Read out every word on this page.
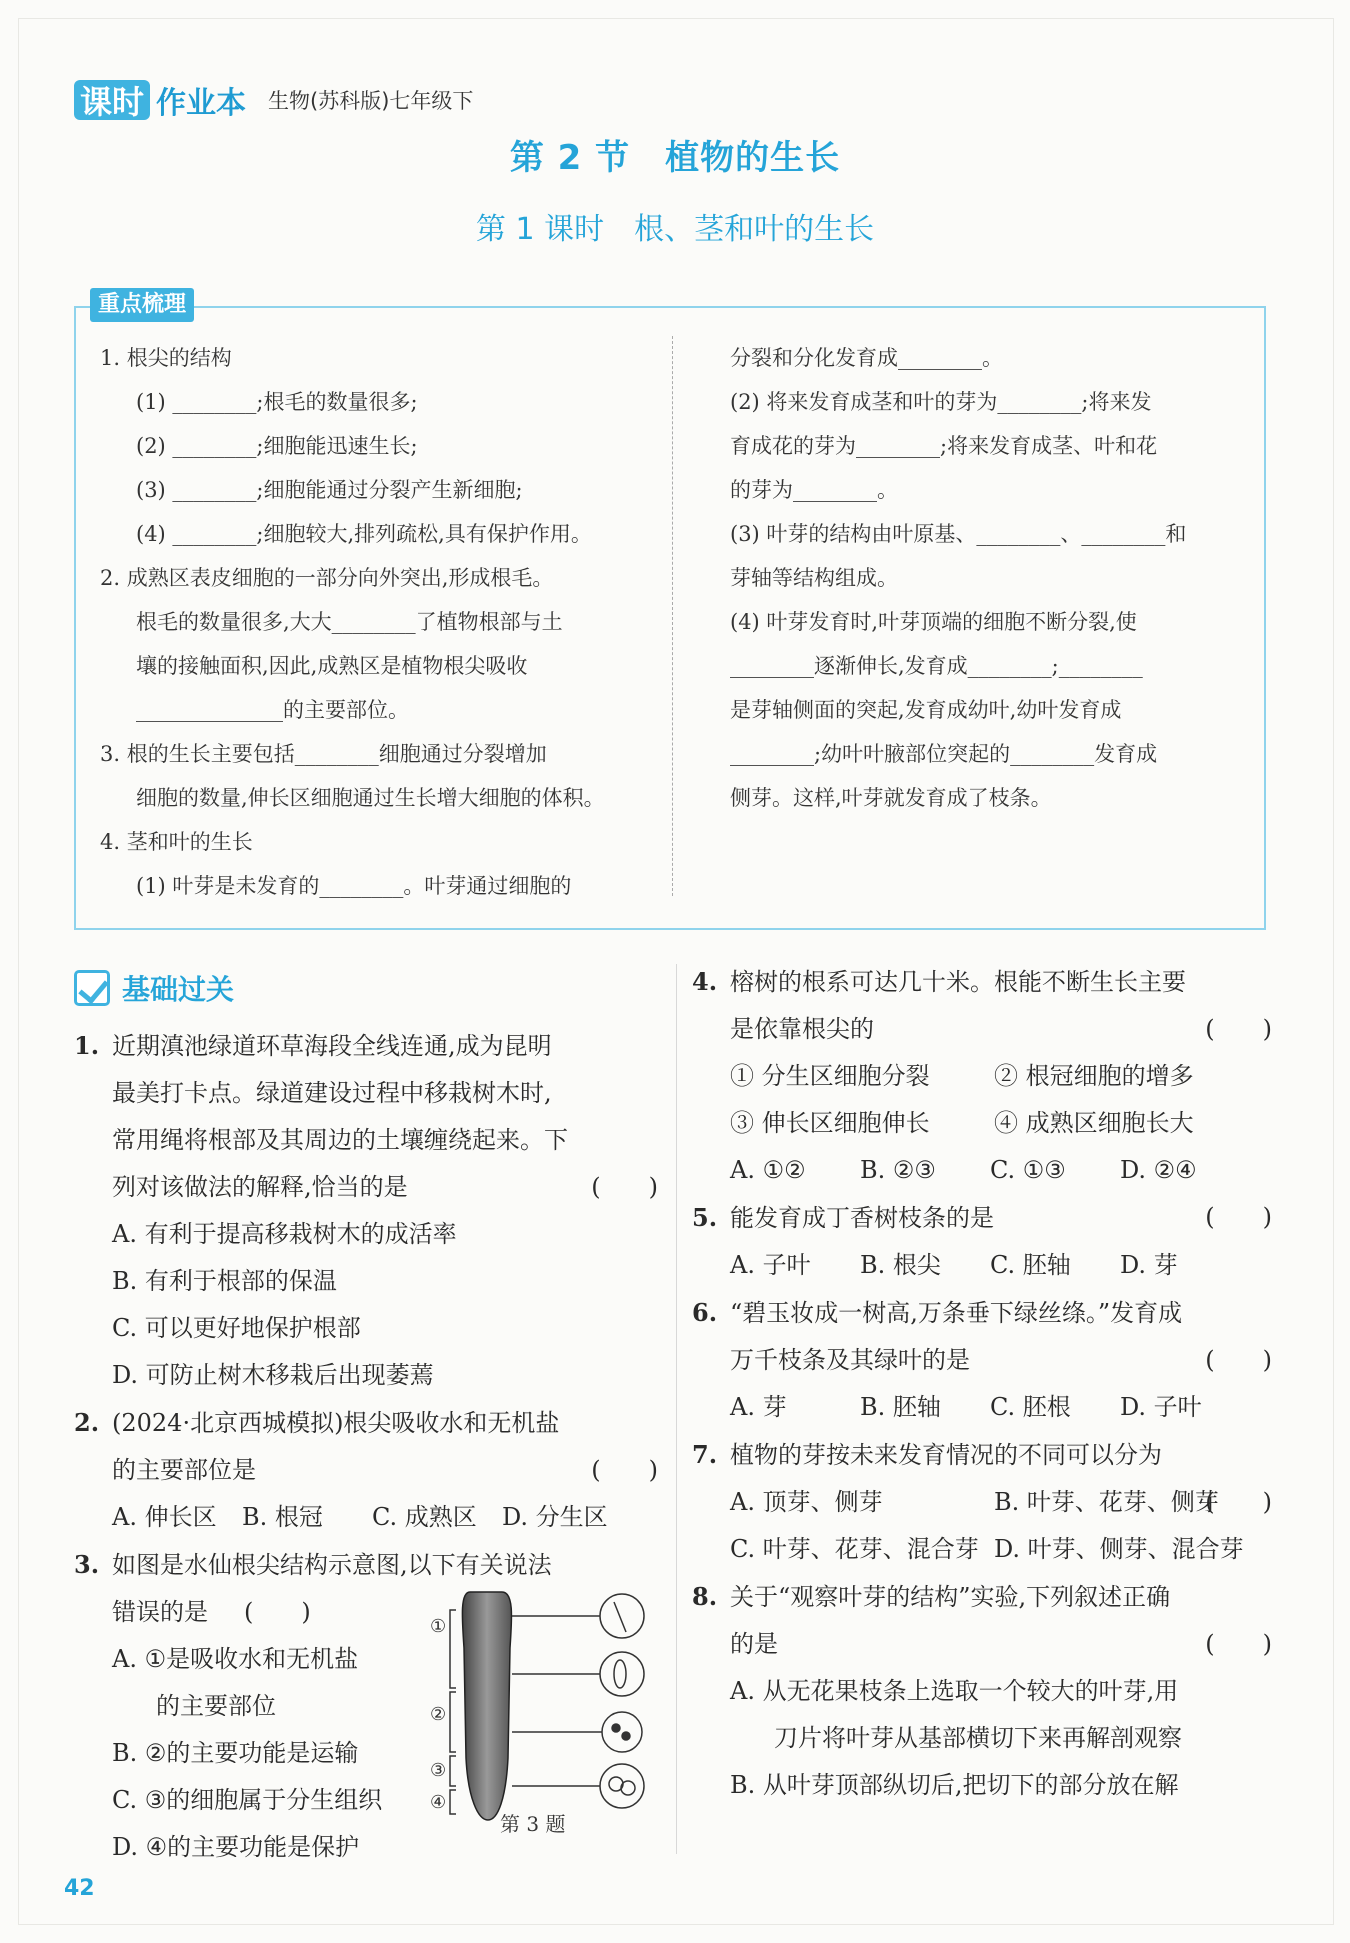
课时 作业本 生物(苏科版)七年级下
第 2 节　植物的生长
第 1 课时　根、茎和叶的生长
重点梳理
1. 根尖的结构
(1) ________;根毛的数量很多;
(2) ________;细胞能迅速生长;
(3) ________;细胞能通过分裂产生新细胞;
(4) ________;细胞较大,排列疏松,具有保护作用。
2. 成熟区表皮细胞的一部分向外突出,形成根毛。
根毛的数量很多,大大________了植物根部与土
壤的接触面积,因此,成熟区是植物根尖吸收
______________的主要部位。
3. 根的生长主要包括________细胞通过分裂增加
细胞的数量,伸长区细胞通过生长增大细胞的体积。
4. 茎和叶的生长
(1) 叶芽是未发育的________。叶芽通过细胞的
分裂和分化发育成________。
(2) 将来发育成茎和叶的芽为________;将来发
育成花的芽为________;将来发育成茎、叶和花
的芽为________。
(3) 叶芽的结构由叶原基、________、________和
芽轴等结构组成。
(4) 叶芽发育时,叶芽顶端的细胞不断分裂,使
________逐渐伸长,发育成________;________
是芽轴侧面的突起,发育成幼叶,幼叶发育成
________;幼叶叶腋部位突起的________发育成
侧芽。这样,叶芽就发育成了枝条。
基础过关
1. 近期滇池绿道环草海段全线连通,成为昆明
最美打卡点。绿道建设过程中移栽树木时,
常用绳将根部及其周边的土壤缠绕起来。下
列对该做法的解释,恰当的是	(　　)
A. 有利于提高移栽树木的成活率
B. 有利于根部的保温
C. 可以更好地保护根部
D. 可防止树木移栽后出现萎蔫
2. (2024·北京西城模拟)根尖吸收水和无机盐
的主要部位是	(　　)
A. 伸长区 B. 根冠 C. 成熟区 D. 分生区
3. 如图是水仙根尖结构示意图,以下有关说法
错误的是 (　　)
A. ①是吸收水和无机盐
的主要部位
B. ②的主要功能是运输
C. ③的细胞属于分生组织
D. ④的主要功能是保护
①
②
③
④
第 3 题
4. 榕树的根系可达几十米。根能不断生长主要
是依靠根尖的	(　　)
① 分生区细胞分裂	② 根冠细胞的增多
③ 伸长区细胞伸长	④ 成熟区细胞长大
A. ①② B. ②③ C. ①③ D. ②④
5. 能发育成丁香树枝条的是	(　　)
A. 子叶 B. 根尖 C. 胚轴 D. 芽
6. “碧玉妆成一树高,万条垂下绿丝绦。”发育成
万千枝条及其绿叶的是	(　　)
A. 芽	B. 胚轴 C. 胚根 D. 子叶
7. 植物的芽按未来发育情况的不同可以分为
(　　)
A. 顶芽、侧芽	B. 叶芽、花芽、侧芽
C. 叶芽、花芽、混合芽 D. 叶芽、侧芽、混合芽
8. 关于“观察叶芽的结构”实验,下列叙述正确
的是	(　　)
A. 从无花果枝条上选取一个较大的叶芽,用
刀片将叶芽从基部横切下来再解剖观察
B. 从叶芽顶部纵切后,把切下的部分放在解
42
